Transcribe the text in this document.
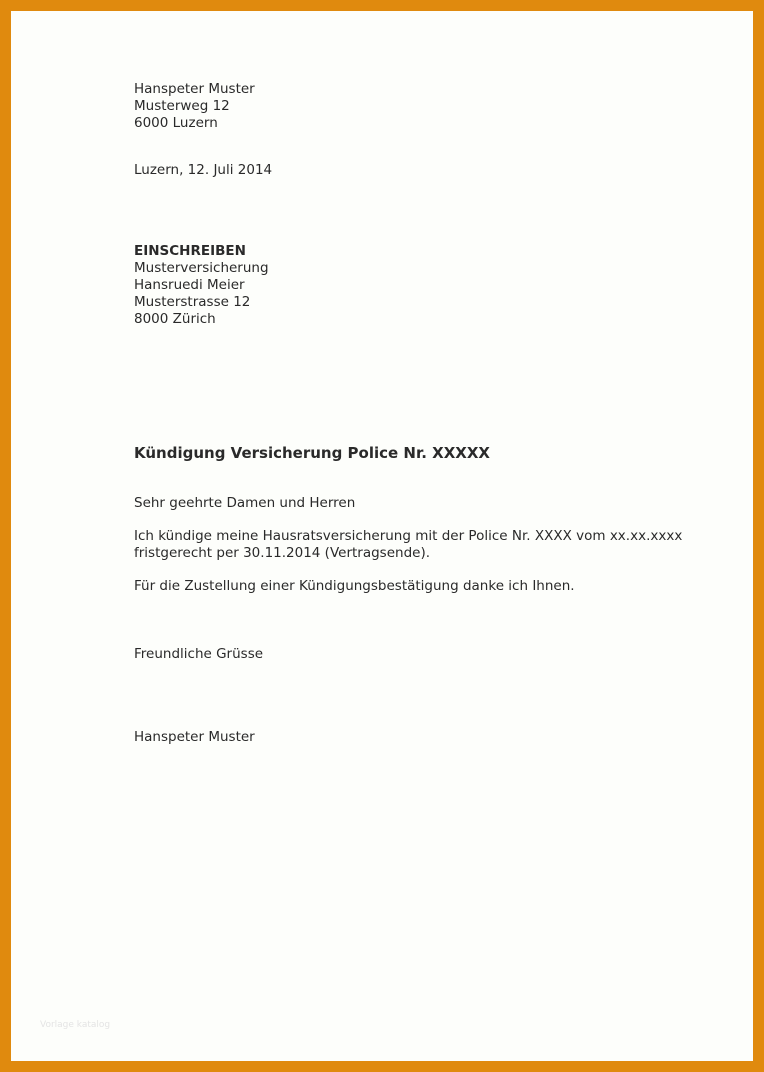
Hanspeter Muster
Musterweg 12
6000 Luzern
Luzern, 12. Juli 2014
EINSCHREIBEN
Musterversicherung
Hansruedi Meier
Musterstrasse 12
8000 Zürich
Kündigung Versicherung Police Nr. XXXXX
Sehr geehrte Damen und Herren
Ich kündige meine Hausratsversicherung mit der Police Nr. XXXX vom xx.xx.xxxx
fristgerecht per 30.11.2014 (Vertragsende).
Für die Zustellung einer Kündigungsbestätigung danke ich Ihnen.
Freundliche Grüsse
Hanspeter Muster
Vorlage katalog
